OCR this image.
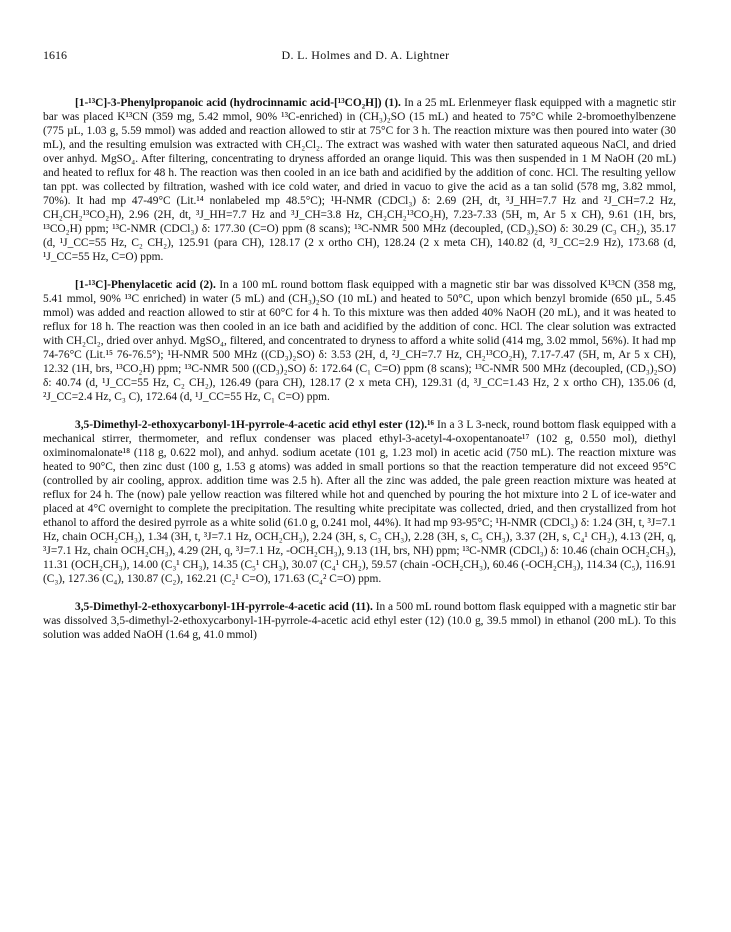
1616	D. L. Holmes and D. A. Lightner

[1-¹³C]-3-Phenylpropanoic acid (hydrocinnamic acid-[¹³CO₂H]) (1). In a 25 mL Erlenmeyer flask equipped with a magnetic stir bar was placed K¹³CN (359 mg, 5.42 mmol, 90% ¹³C-enriched) in (CH₃)₂SO (15 mL) and heated to 75°C while 2-bromoethylbenzene (775 µL, 1.03 g, 5.59 mmol) was added and reaction allowed to stir at 75°C for 3 h. The reaction mixture was then poured into water (30 mL), and the resulting emulsion was extracted with CH₂Cl₂. The extract was washed with water then saturated aqueous NaCl, and dried over anhyd. MgSO₄. After filtering, concentrating to dryness afforded an orange liquid. This was then suspended in 1 M NaOH (20 mL) and heated to reflux for 48 h. The reaction was then cooled in an ice bath and acidified by the addition of conc. HCl. The resulting yellow tan ppt. was collected by filtration, washed with ice cold water, and dried in vacuo to give the acid as a tan solid (578 mg, 3.82 mmol, 70%). It had mp 47-49°C (Lit.¹⁴ nonlabeled mp 48.5°C); ¹H-NMR (CDCl₃) δ: 2.69 (2H, dt, ³J_HH=7.7 Hz and ²J_CH=7.2 Hz, CH₂CH₂¹³CO₂H), 2.96 (2H, dt, ³J_HH=7.7 Hz and ³J_CH=3.8 Hz, CH₂CH₂¹³CO₂H), 7.23-7.33 (5H, m, Ar 5 x CH), 9.61 (1H, brs, ¹³CO₂H) ppm; ¹³C-NMR (CDCl₃) δ: 177.30 (C=O) ppm (8 scans); ¹³C-NMR 500 MHz (decoupled, (CD₃)₂SO) δ: 30.29 (C₃ CH₂), 35.17 (d, ¹J_CC=55 Hz, C₂ CH₂), 125.91 (para CH), 128.17 (2 x ortho CH), 128.24 (2 x meta CH), 140.82 (d, ³J_CC=2.9 Hz), 173.68 (d, ¹J_CC=55 Hz, C=O) ppm.

[1-¹³C]-Phenylacetic acid (2). In a 100 mL round bottom flask equipped with a magnetic stir bar was dissolved K¹³CN (358 mg, 5.41 mmol, 90% ¹³C enriched) in water (5 mL) and (CH₃)₂SO (10 mL) and heated to 50°C, upon which benzyl bromide (650 µL, 5.45 mmol) was added and reaction allowed to stir at 60°C for 4 h. To this mixture was then added 40% NaOH (20 mL), and it was heated to reflux for 18 h. The reaction was then cooled in an ice bath and acidified by the addition of conc. HCl. The clear solution was extracted with CH₂Cl₂, dried over anhyd. MgSO₄, filtered, and concentrated to dryness to afford a white solid (414 mg, 3.02 mmol, 56%). It had mp 74-76°C (Lit.¹⁵ 76-76.5°); ¹H-NMR 500 MHz ((CD₃)₂SO) δ: 3.53 (2H, d, ²J_CH=7.7 Hz, CH₂¹³CO₂H), 7.17-7.47 (5H, m, Ar 5 x CH), 12.32 (1H, brs, ¹³CO₂H) ppm; ¹³C-NMR 500 ((CD₃)₂SO) δ: 172.64 (C₁ C=O) ppm (8 scans); ¹³C-NMR 500 MHz (decoupled, (CD₃)₂SO) δ: 40.74 (d, ¹J_CC=55 Hz, C₂ CH₂), 126.49 (para CH), 128.17 (2 x meta CH), 129.31 (d, ³J_CC=1.43 Hz, 2 x ortho CH), 135.06 (d, ²J_CC=2.4 Hz, C₃ C), 172.64 (d, ¹J_CC=55 Hz, C₁ C=O) ppm.

3,5-Dimethyl-2-ethoxycarbonyl-1H-pyrrole-4-acetic acid ethyl ester (12).¹⁶ In a 3 L 3-neck, round bottom flask equipped with a mechanical stirrer, thermometer, and reflux condenser was placed ethyl-3-acetyl-4-oxopentanoate¹⁷ (102 g, 0.550 mol), diethyl oximinomalonate¹⁸ (118 g, 0.622 mol), and anhyd. sodium acetate (101 g, 1.23 mol) in acetic acid (750 mL). The reaction mixture was heated to 90°C, then zinc dust (100 g, 1.53 g atoms) was added in small portions so that the reaction temperature did not exceed 95°C (controlled by air cooling, approx. addition time was 2.5 h). After all the zinc was added, the pale green reaction mixture was heated at reflux for 24 h. The (now) pale yellow reaction was filtered while hot and quenched by pouring the hot mixture into 2 L of ice-water and placed at 4°C overnight to complete the precipitation. The resulting white precipitate was collected, dried, and then crystallized from hot ethanol to afford the desired pyrrole as a white solid (61.0 g, 0.241 mol, 44%). It had mp 93-95°C; ¹H-NMR (CDCl₃) δ: 1.24 (3H, t, ³J=7.1 Hz, chain OCH₂CH₃), 1.34 (3H, t, ³J=7.1 Hz, OCH₂CH₃), 2.24 (3H, s, C₃ CH₃), 2.28 (3H, s, C₅ CH₃), 3.37 (2H, s, C₄¹ CH₂), 4.13 (2H, q, ³J=7.1 Hz, chain OCH₂CH₃), 4.29 (2H, q, ³J=7.1 Hz, -OCH₂CH₃), 9.13 (1H, brs, NH) ppm; ¹³C-NMR (CDCl₃) δ: 10.46 (chain OCH₂CH₃), 11.31 (OCH₂CH₃), 14.00 (C₃¹ CH₃), 14.35 (C₅¹ CH₃), 30.07 (C₄¹ CH₂), 59.57 (chain -OCH₂CH₃), 60.46 (-OCH₂CH₃), 114.34 (C₅), 116.91 (C₃), 127.36 (C₄), 130.87 (C₂), 162.21 (C₂¹ C=O), 171.63 (C₄² C=O) ppm.

3,5-Dimethyl-2-ethoxycarbonyl-1H-pyrrole-4-acetic acid (11). In a 500 mL round bottom flask equipped with a magnetic stir bar was dissolved 3,5-dimethyl-2-ethoxycarbonyl-1H-pyrrole-4-acetic acid ethyl ester (12) (10.0 g, 39.5 mmol) in ethanol (200 mL). To this solution was added NaOH (1.64 g, 41.0 mmol)
